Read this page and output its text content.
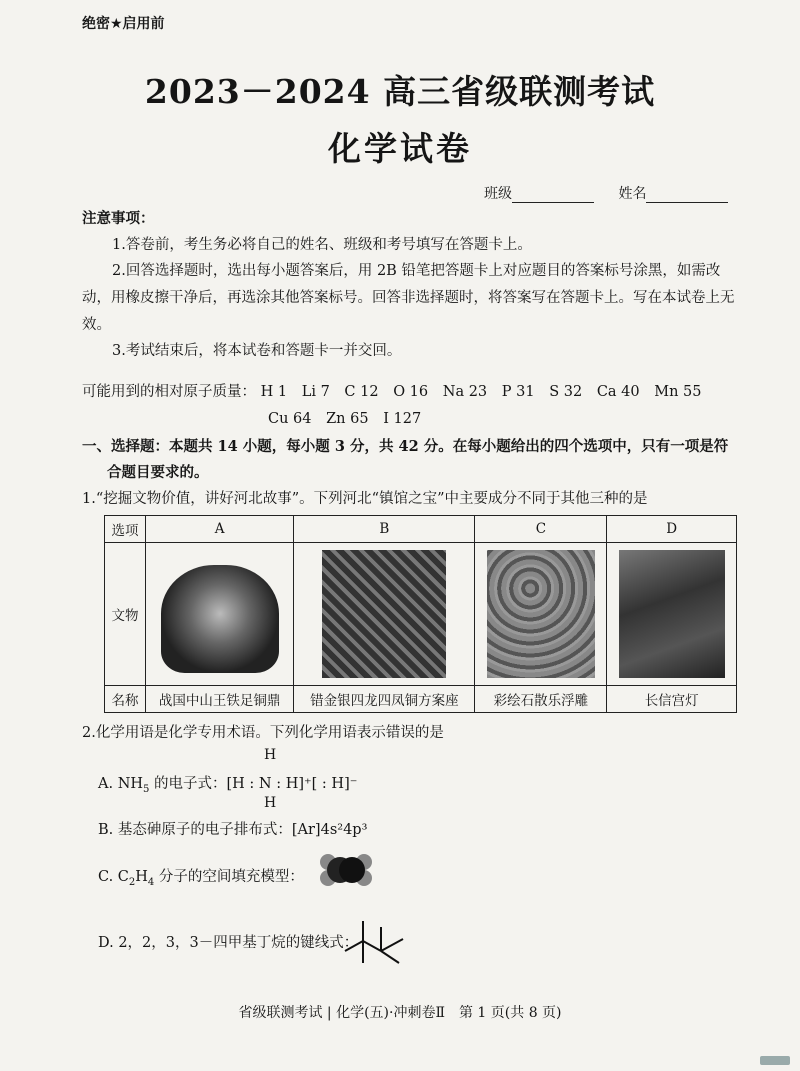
绝密★启用前
2023－2024 高三省级联测考试
化学试卷
班级	姓名
注意事项：
1.答卷前，考生务必将自己的姓名、班级和考号填写在答题卡上。
2.回答选择题时，选出每小题答案后，用 2B 铅笔把答题卡上对应题目的答案标号涂黑，如需改动，用橡皮擦干净后，再选涂其他答案标号。回答非选择题时，将答案写在答题卡上。写在本试卷上无效。
3.考试结束后，将本试卷和答题卡一并交回。
可能用到的相对原子质量： H 1 Li 7 C 12 O 16 Na 23 P 31 S 32 Ca 40 Mn 55
Cu 64 Zn 65 I 127
一、选择题：本题共 14 小题，每小题 3 分，共 42 分。在每小题给出的四个选项中，只有一项是符
合题目要求的。
1.“挖掘文物价值，讲好河北故事”。下列河北“镇馆之宝”中主要成分不同于其他三种的是
选项	A	B	C	D
文物	

名称	战国中山王铁足铜鼎	错金银四龙四凤铜方案座	彩绘石散乐浮雕	长信宫灯
2.化学用语是化学专用术语。下列化学用语表示错误的是
H
A. $NH_5$ 的电子式：[H : N : H]⁺[ : H]⁻
H
B. 基态砷原子的电子排布式：[Ar]4s²4p³
C. $C_2H_4$ 分子的空间填充模型：
D. 2，2，3，3－四甲基丁烷的键线式：
省级联测考试 | 化学(五)·冲刺卷Ⅱ　第 1 页(共 8 页)
